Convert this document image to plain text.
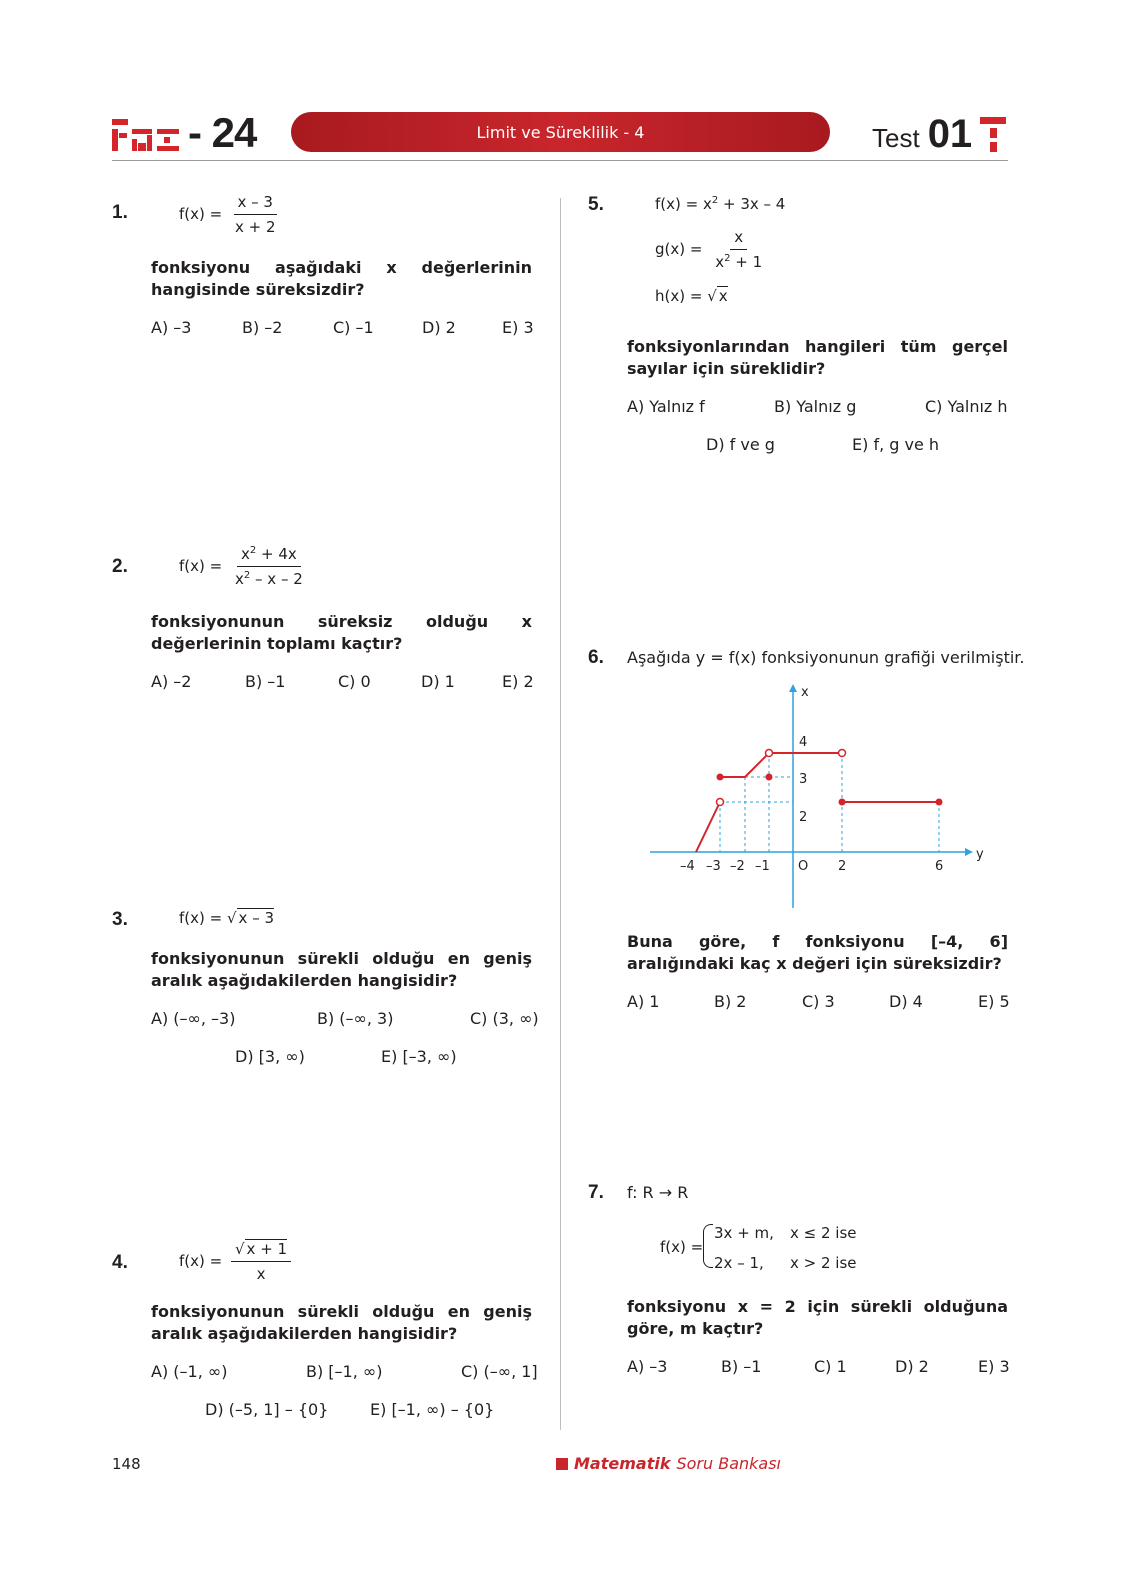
- 24	Limit ve Süreklilik - 4	Test 01
1.	$f(x) = \frac{x - 3}{x + 2}$
fonksiyonu aşağıdaki x değerlerinin hangisinde süreksizdir?
A) –3	B) –2	C) –1	D) 2	E) 3
2.	$f(x) = \frac{x^2 + 4x}{x^2 - x - 2}$
fonksiyonunun süreksiz olduğu x değerlerinin toplamı kaçtır?
A) –2	B) –1	C) 0	D) 1	E) 2
3.	f(x) = √ x – 3
fonksiyonunun sürekli olduğu en geniş aralık aşağıdakilerden hangisidir?
A) (–∞, –3)	B) (–∞, 3)	C) (3, ∞)
D) [3, ∞)	E) [–3, ∞)
4.	$f(x) = \frac{√ x + 1}{x}$
fonksiyonunun sürekli olduğu en geniş aralık aşağıdakilerden hangisidir?
A) (–1, ∞)	B) [–1, ∞)	C) (–∞, 1]
D) (–5, 1] – {0}	E) [–1, ∞) – {0}
5.	$f(x) = x^2 + 3x - 4$
$g(x) = \frac{x}{x^2 + 1}$
h(x) = √ x
fonksiyonlarından hangileri tüm gerçel sayılar için süreklidir?
A) Yalnız f	B) Yalnız g	C) Yalnız h
D) f ve g	E) f, g ve h
6. Aşağıda y = f(x) fonksiyonunun grafiği verilmiştir.
x
y
O
–4 –3 –2 –1	2	6
4
3
2
Buna göre, f fonksiyonu [–4, 6] aralığındaki kaç x değeri için süreksizdir?
A) 1	B) 2	C) 3	D) 4	E) 5
7. f: R → R
f(x) =
3x + m, x ≤ 2 ise
2x – 1, x > 2 ise
fonksiyonu x = 2 için sürekli olduğuna göre, m kaçtır?
A) –3	B) –1	C) 1	D) 2	E) 3
148	Matematik Soru Bankası
